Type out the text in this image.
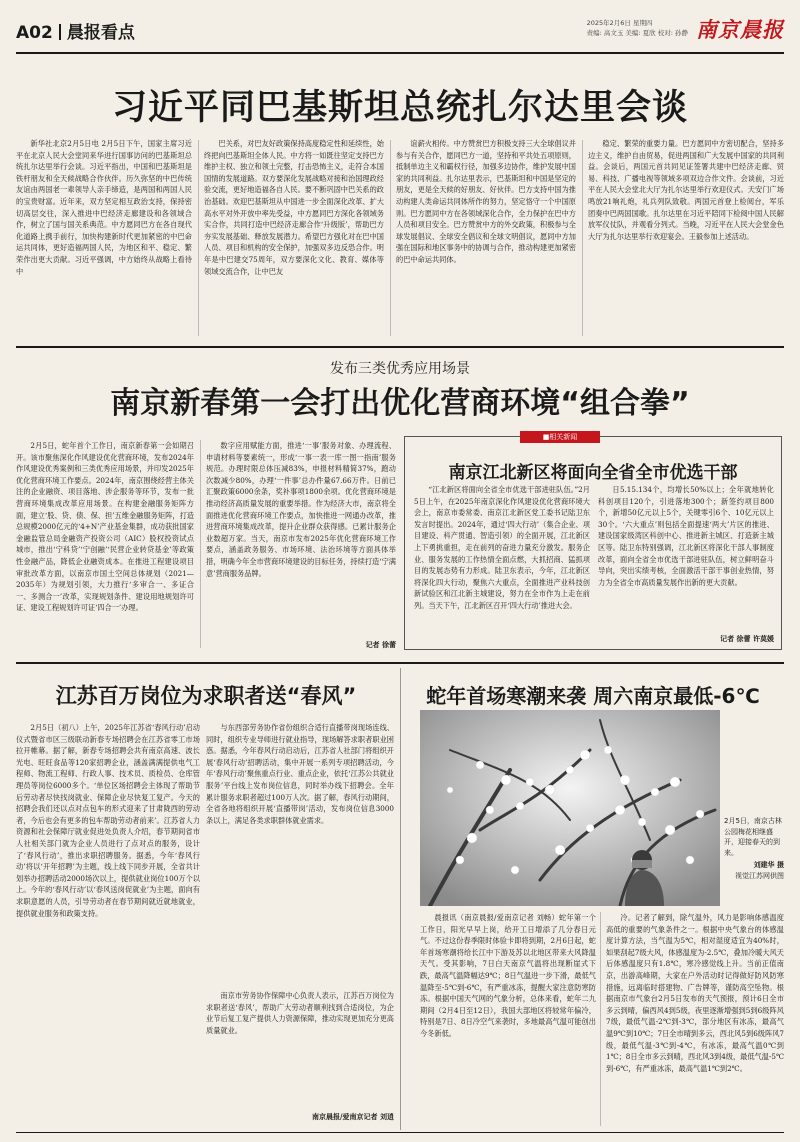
A02 晨报看点	2025年2月6日 星期四
责编: 高文玉 美编: 夏欣 校对: 孙静 南京晨报
习近平同巴基斯坦总统扎尔达里会谈

新华社北京2月5日电 2月5日下午，国家主席习近平在北京人民大会堂同来华进行国事访问的巴基斯坦总统扎尔达里举行会谈。习近平指出，中国和巴基斯坦是铁杆朋友和全天候战略合作伙伴。历久弥坚的中巴传统友谊由两国老一辈领导人亲手缔造，是两国和两国人民的宝贵财富。近年来，双方坚定相互政治支持，保持密切高层交往，深入推进中巴经济走廊建设和各领域合作，树立了国与国关系典范。中方愿同巴方在各自现代化道路上携手前行，加快构建新时代更加紧密的中巴命运共同体，更好造福两国人民，为地区和平、稳定、繁荣作出更大贡献。习近平强调，中方始终从战略上看待中

巴关系，对巴友好政策保持高度稳定性和延续性，始终把向巴基斯坦全体人民。中方将一如既往坚定支持巴方维护主权、独立和领土完整，打击恐怖主义，走符合本国国情的发展道路。双方要深化发展战略对接和治国理政经验交流，更好地造福各自人民。要不断巩固中巴关系的政治基础。欢迎巴基斯坦从中国进一步全面深化改革、扩大高水平对外开放中率先受益，中方愿同巴方深化各领域务实合作，共同打造中巴经济走廊合作‘升级版’，帮助巴方夯实发展基础、释放发展潜力。希望巴方强化对在巴中国人员、项目和机构的安全保护，加强双多边反恐合作。明年是中巴建交75周年，双方要深化文化、教育、媒体等领域交流合作，让中巴友

谊薪火相传。中方赞赏巴方积极支持三大全球倡议并参与有关合作，愿同巴方一道，坚持和平共处五项原则，抵制单边主义和霸权行径，加强多边协作，维护发展中国家的共同利益。扎尔达里表示，巴基斯坦和中国是坚定的朋友，更是全天候的好朋友、好伙伴。巴方支持中国为推动构建人类命运共同体所作的努力，坚定恪守一个中国原则。巴方愿同中方在各领域深化合作，全力保护在巴中方人员和项目安全。巴方赞赏中方的外交政策，积极参与全球发展倡议、全球安全倡议和全球文明倡议，愿同中方加强在国际和地区事务中的协调与合作，推动构建更加紧密的巴中命运共同体。

稳定、繁荣的重要力量。巴方愿同中方密切配合，坚持多边主义，维护自由贸易，促进两国和广大发展中国家的共同利益。会谈后，两国元首共同见证签署共建中巴经济走廊、贸易、科技、广播电视等领域多项双边合作文件。会谈前，习近平在人民大会堂北大厅为扎尔达里举行欢迎仪式。天安门广场鸣放21响礼炮，礼兵列队致敬。两国元首登上检阅台，军乐团奏中巴两国国歌。扎尔达里在习近平陪同下检阅中国人民解放军仪仗队，并观看分列式。当晚，习近平在人民大会堂金色大厅为扎尔达里举行欢迎宴会。王毅参加上述活动。

发布三类优秀应用场景
南京新春第一会打出优化营商环境“组合拳”

2月5日，蛇年首个工作日，南京新春第一会如期召开。该市聚焦深化作风建设优化营商环境，发布2024年作风建设优秀案例和三类优秀应用场景，并印发2025年优化营商环境工作要点。2024年，南京围绕经营主体关注的企业融资、项目落地、涉企服务等环节，发布一批营商环境集成改革应用场景。在构建金融服务矩阵方面，建立‘股、贷、债、保、担’五维金融服务矩阵，打造总规模2000亿元的‘4+N’产业基金集群，成功获批国家金融监管总局金融资产投资公司（AIC）股权投资试点城市，推出‘宁科贷’‘宁创融’‘民营企业转贷基金’等政策性金融产品，降低企业融资成本。在推进工程建设项目审批改革方面，以南京市国土空间总体规划（2021—2035年）为规划引领，大力推行‘多审合一、多证合一、多测合一’改革，实现规划条件、建设用地规划许可证、建设工程规划许可证‘四合一’办理。

数字应用赋能方面，推进‘一事’服务对象、办理流程、申请材料等要素统一，形成‘一事一表一库一图一指南’服务规范。办理时限总体压减83%，申报材料精简37%，跑动次数减少80%，办理‘一件事’总办件量67.66万件。日前已汇聚政策6000余条，奖补事项1800余项。优化营商环境是推动经济高质量发展的重要举措。作为经济大市，南京将全面推进优化营商环境工作要点，加快推进一网通办改革，推进营商环境集成改革，提升企业群众获得感。已累计服务企业数超万家。当天，南京市发布2025年优化营商环境工作要点，涵盖政务服务、市场环境、法治环境等方面具体举措，明确今年全市营商环境建设的目标任务，持续打造‘宁满意’营商服务品牌。

记者 徐蕾
■相关新闻
南京江北新区将面向全省全市优选干部

“江北新区将面向全省全市优选干部进驻队伍。”2月5日上午，在2025年南京深化作风建设优化营商环境大会上，南京市委常委、南京江北新区党工委书记陆卫东发言时提出。2024年，通过‘四大行动’（集合企业、项目建设、科产贯通、智造引领）的全面开展，江北新区上下勇挑重担，走在前列的奋进力量充分激发。服务企业、服务发展的工作热情全面点燃，大抓招商、猛抓项目的发展态势有力形成。陆卫东表示，今年，江北新区将深化四大行动，聚焦六大重点，全面推进产业科技创新试验区和江北新主城建设，努力在全市作为上走在前列。当天下午，江北新区召开‘四大行动’推进大会。

日5.15.134个，均增长50%以上；全年就地转化科创项目120个，引进落地300个；新签约项目800个，新增50亿元以上5个，关键零引6个、10亿元以上30个。‘六大重点’则包括全面提速‘两大’片区的推进、建设国家级湾区科创中心、推进新主城区、打造新主城区等。陆卫东特别强调，江北新区将深化干部人事制度改革，面向全省全市优选干部进驻队伍，树立鲜明奋斗导向，突出实绩考核，全面激活干部干事创业热情，努力为全省全市高质量发展作出新的更大贡献。

记者 徐蕾 许莫媛
江苏百万岗位为求职者送“春风”

2月5日（初八）上午，2025年江苏省‘春风行动’启动仪式暨省市区三级联动新春专场招聘会在江苏省零工市场拉开帷幕。据了解，新春专场招聘会共有南京高速、波长光电、旺旺食品等120家招聘企业，涵盖满满提供电气工程师、物流工程师、行政人事、技术员、质检员、仓库管理员等岗位6000多个。‘单位区场招聘会主体现了帮助节后劳动者尽快找岗就业、保障企业尽快复工复产。今天的招聘会我们还以点对点包车的形式迎来了甘肃陇西的劳动者，今后也会有更多的包车帮助劳动者前来’。江苏省人力资源和社会保障厅就业促进处负责人介绍，春节期间省市人社相关部门就为企业人员进行了点对点的服务，设计了‘春风行动’，推出求职招聘服务。据悉，今年‘春风行动’将以‘开年招聘’为主题，线上线下同步开展，全省共计划举办招聘活动2000场次以上，提供就业岗位100万个以上。今年的‘春风行动’以‘春风送岗促就业’为主题，面向有求职意愿的人员，引导劳动者在春节期间就近就地就业，提供就业服务和政策支持。

与东西部劳务协作省份组织合适行直播带岗现场连线、同时，组织专业导师进行就业指导，现场解答求职者职业困惑。据悉，今年春风行动启动后，江苏省人社部门将组织开展‘春风行动’招聘活动，集中开展一系列专项招聘活动，今年‘春风行动’聚焦重点行业、重点企业，依托‘江苏公共就业服务’平台线上发布岗位信息，同时举办线下招聘会。全年累计服务求职者超过100万人次。据了解，春风行动期间，全省各地将组织开展‘直播带岗’活动，发布岗位信息3000条以上，满足各类求职群体就业需求。

南京市劳务协作保障中心负责人表示，江苏百万岗位为求职者送‘春风’，帮助广大劳动者顺利找到合适岗位，为企业节后复工复产提供人力资源保障，推动实现更加充分更高质量就业。

南京晨报/爱南京记者 刘逍
蛇年首场寒潮来袭 周六南京最低-6℃
2月5日，南京古林公园梅花相继盛开，迎接春天的到来。
刘建华 摄
视觉江苏网供图

晨报讯（南京晨报/爱南京记者 刘畅）蛇年第一个工作日，阳光早早上岗，给开工日增添了几分春日元气。不过这份春季限时体验卡即将到期，2月6日起，蛇年首场寒潮将给长江中下游及苏以北地区带来大风降温天气。受其影响，7日白天南京气温将出现断崖式下跌，最高气温降幅达9℃；8日气温进一步下滑，最低气温降至-5℃到-6℃，有严重冰冻，提醒大家注意防寒防冻。根据中国天气网的气象分析，总体来看，蛇年二九期间（2月4日至12日），我国大部地区将较常年偏冷，特别是7日、8日冷空气来袭时，多地最高气温可能创出今冬新低。

冷。记者了解到，除气温外，风力是影响体感温度高低的重要的气象条件之一。根据中央气象台的体感温度计算方法，当气温为5℃，相对湿度适宜为40%时，如果刮起7级大风，体感温度为-2.5℃，叠加冷暖大风天后体感温度只有1.8℃，寒冷感觉线上升。当前正值南京，出游高峰期，大家在户外活动时记得做好防风防寒措施，远离临时搭建物、广告牌等，谨防高空坠物。根据南京市气象台2月5日发布的天气预报，预计6日全市多云到晴，偏西风4到5级，夜里逐渐增强到5到6级阵风7级，最低气温-2℃到-3℃，部分地区有冰冻，最高气温9℃到10℃；7日全市晴到多云，西北风5到6级阵风7级，最低气温-3℃到-4℃，有冰冻，最高气温0℃到1℃；8日全市多云到晴，西北风3到4级，最低气温-5℃到-6℃，有严重冰冻，最高气温1℃到2℃。
